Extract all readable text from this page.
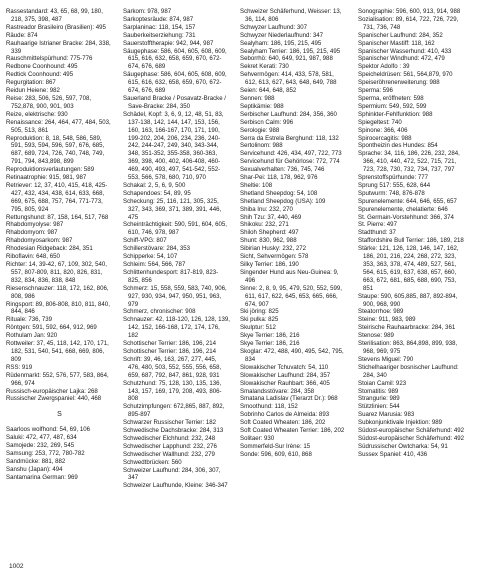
Rassestandard: 43, 65, 68, 99, 180, 218, 375, 398, 487
Rastreador Brasileiro (Brasilien): 495
Räude: 874
Rauhaarige Istrianer Bracke: 284, 338, 339
Rauschmittelspürhund: 775-776
Redbone Coonhound: 495
Redtick Coonhound: 495
Regurgitation: 867
Reidun Heiene: 982
Reise: 283, 506, 526, 597, 708, 752,878, 900, 901, 903
Reize, elektrische: 930
Renaissance: 264, 464, 477, 484, 503, 505, 513, 861
Reproduktion: 8, 18, 548, 586, 589, 591, 593, 594, 596, 597, 676, 685, 687, 689, 724, 726, 740, 748, 749, 791, 794, 843,898, 899
Reproduktionsverlautungen: 589
Retinaatrophie: 915, 981, 987
Retriever: 12, 37, 410, 415, 418, 425-427, 432, 434, 438, 614, 633, 668, 669, 675, 688, 757, 764, 771-773, 795, 805, 924
Rettungshund: 87, 158, 164, 517, 768
Rhabdomyolyse: 987
Rhabdomyom: 987
Rhabdomyosarkom: 987
Rhodesian Ridgeback: 284, 351
Riboflavin: 648, 650
Richter: 14, 39-42, 67, 109, 302, 540, 557, 807-809, 811, 820, 826, 831, 832, 834, 836, 838, 848
Riesenschnauzer: 118, 172, 162, 806, 808, 986
Ringsport: 89, 806-808, 810, 811, 840, 844, 846
Rituale: 736, 739
Röntgen: 591, 592, 664, 912, 969
Rothulam Jan: 920
Rottweiler: 37, 45, 118, 142, 170, 171, 182, 531, 540, 541, 668, 669, 806, 809
RSS: 919
Rüdenmarkt: 552, 576, 577, 583, 864, 966, 974
Russisch-europäischer Lajka: 268
Russischer Zwergspaniel: 440, 468
S
Saarloos wolfhond: 54, 69, 106
Saluki: 472, 477, 487, 634
Samojede: 232, 269, 545
Samsung: 253, 772, 780-782
Sandmücke: 881, 882
Sanshu (Japan): 494
Santamarina German: 969
Sarkom: 978, 987
Sarkoptesräude: 874, 987
Sarplaninac: 118, 154, 157
Sauberkeitserziehung: 731
Sauerstofftherapie: 942, 944, 987
Säugephase: 586, 604, 605, 608, 609, 615, 616, 632, 658, 659, 670, 672-674, 676, 689
Säugephase: 586, 604, 605, 608, 609, 615, 616, 632, 658, 659, 670, 672-674, 676, 689
Sauerland Bracke / Posavatz-Bracke / Save-Bracke: 284, 350
Schädel, Kopf: 3, 6, 9, 12, 48, 51, 83, 137-138, 142, 144, 147, 153, 156, 160, 163, 166-167, 170, 171, 190, 199-202, 204, 206, 234, 236, 240-242, 244-247, 249, 340, 343-344, 348, 351-352, 355-358, 360-363, 369, 398, 400, 402, 406-408, 460-469, 490, 493, 497, 541-542, 552-553, 566, 578, 680, 710, 970
Schakal: 2, 5, 6, 9, 500
Schapendoes: 54, 89, 95
Scheckung: 25, 116, 121, 305, 325, 327, 343, 369, 371, 389, 391, 446, 475
Scheinträchtigkeit: 590, 591, 604, 605, 610, 746, 978, 987
Schiff-VPG: 807
Schillerstövare: 284, 353
Schipperke: 54, 107
Schleim: 564, 566, 787
Schlittenhundesport: 817-819, 823-825, 856
Schmerz: 15, 558, 559, 583, 740, 906, 927, 930, 934, 947, 950, 951, 963, 979
Schmerz, chronischer: 908
Schnauzer: 42, 118-120, 126, 128, 139, 142, 152, 166-168, 172, 174, 176, 182
Schottischer Terrier: 186, 196, 214
Schottischer Terrier: 186, 196, 214
Schrift: 39, 46, 163, 267, 277, 445, 476, 480, 503, 552, 555, 556, 658, 659, 687, 792, 847, 861, 928, 931
Schutzhund: 75, 128, 130, 135, 136, 143, 157, 169, 179, 208, 493, 806-808
Schutzimpfungen: 672,865, 887, 892, 895-897
Schwarzer Russischer Terrier: 182
Schwedische Dachsbracke: 284, 313
Schwedischer Elchhund: 232, 248
Schwedischer Lapphund: 232, 276
Schwedischer Wallhund: 232, 279
Schwedtbrücken: 560
Schweizer Laufhund: 284, 306, 307, 347
Schweizer Laufhunde, Kleine: 346-347
Schweizer Schäferhund, Weisser: 13, 36, 114, 806
Schwyzer Laufhund: 307
Schwyzer Niederlaufhund: 347
Sealyham: 186, 195, 215, 495
Sealyham Terrier: 186, 195, 215, 495
Seborrhö: 640, 649, 921, 987, 988
Sekret Kerati: 730
Sehvermögen: 414, 433, 578, 581, 612, 613, 627, 643, 648, 649, 788
Seien: 644, 648, 852
Sennen: 988
Septikämie: 988
Serbischer Laufhund: 284, 356, 360
Serbiscn Calm: 996
Serologie: 988
Serra da Estrela Berghund: 118, 132
Sertolinom: 988
Servicehund: 426, 434, 497, 722, 773
Servicehund für Gehörlose: 772, 774
Sexualverhalten: 736, 745, 746
Shar-Pei: 118, 178, 962, 976
Sheltie: 108
Shetland Sheepdog: 54, 108
Shetland Sheepdog (USA): 109
Shiba Inu: 232, 270
Shih Tzu: 37, 440, 469
Shikoku: 232, 271
Shiloh Shepherd: 497
Shunt: 830, 962, 988
Sibirian Husky: 232, 272
Sicht, Sehvermögen: 578
Silky Terrier: 186, 190
Singender Hund aus Neu-Guinea: 9, 496
Sinne: 2, 8, 9, 95, 479, 520, 552, 599, 611, 617, 622, 645, 653, 665, 666, 674, 907
Ski jöring: 825
Ski pulka: 825
Skulptur: 512
Skye Terrier: 186, 216
Skye Terrier: 186, 216
Skoglar: 472, 488, 490, 495, 542, 795, 834
Slowakischer Tchuvatch: 54, 110
Slowakischer Laufhund: 284, 357
Slowakischer Rauhbart: 366, 405
Smalandsstövare: 284, 358
Smatana Ladislav (Tierarzt Dr.): 968
Smoothund: 118, 152
Sobrinho Carlos de Almeida: 893
Soft Coated Wheaten: 186, 202
Soft Coated Wheaten Terrier: 186, 202
Solitaer: 930
Sommerfeld-Sur Irène: 15
Sonde: 596, 609, 610, 868
Sonographie: 596, 600, 913, 914, 988
Sozialisation: 89, 614, 722, 726, 729, 731, 736, 748
Spanischer Laufhund: 284, 352
Spanischer Mastiff: 118, 162
Spanischer Wasserhund: 410, 433
Spanischer Windhund: 472, 479
Spektor Adolfo : 39
Speicheldrüsen: 561, 564,879, 970
Speiseröhrenerweiterung: 988
Sperma: 596
Sperma, eröffneten: 598
Spermium: 549, 592, 599
Sphinkter-Fehlfunktion: 988
Spiegeltest: 740
Spinone: 366, 406
Spirocercagitis: 988
Spontheizin des Hundes: 854
Sprache: 34, 116, 186, 226, 232, 284, 366, 410, 440, 472, 522, 715, 721, 723, 728, 730, 732, 734, 737, 797
Sprenstoffspürhunde: 777
Sprung 517: 555, 628, 644
Sputwurm: 748, 876-878
Spurenelemente: 644, 646, 655, 657
Spurenelemente, chelatierte: 646
St. Germain-Vorstehhund: 366, 374
St. Pierre: 497
Stadthund: 37
Staffordshire Bull Terrier: 186, 189, 218
Stärke: 121, 126, 128, 146, 147, 162, 186, 201, 216, 224, 268, 272, 323, 353, 363, 378, 474, 489, 527, 561, 564, 615, 619, 637, 638, 657, 660, 663, 672, 681, 685, 688, 690, 753, 851
Staupe: 590, 605,885, 887, 892-894, 900, 968, 990
Steatorrhoe: 989
Steine: 911, 983, 989
Steirische Rauhaarbracke: 284, 361
Stenose: 989
Sterilisation: 863, 864,898, 899, 938, 968, 969, 975
Stevens Miguel: 790
Stichelhaariger bosnischer Laufhund: 284, 340
Stoian Camil: 923
Stomatitis: 989
Strangurie: 989
Stützlinien: 544
Suarez Marusia: 983
Subkonjunktivale Injektion: 989
Südost-europäischer Schäferhund: 492
Südost-europäischer Schäferhund: 492
Südrussischer Owtcharka: 54, 91
Sussex Spaniel: 410, 436
1002
